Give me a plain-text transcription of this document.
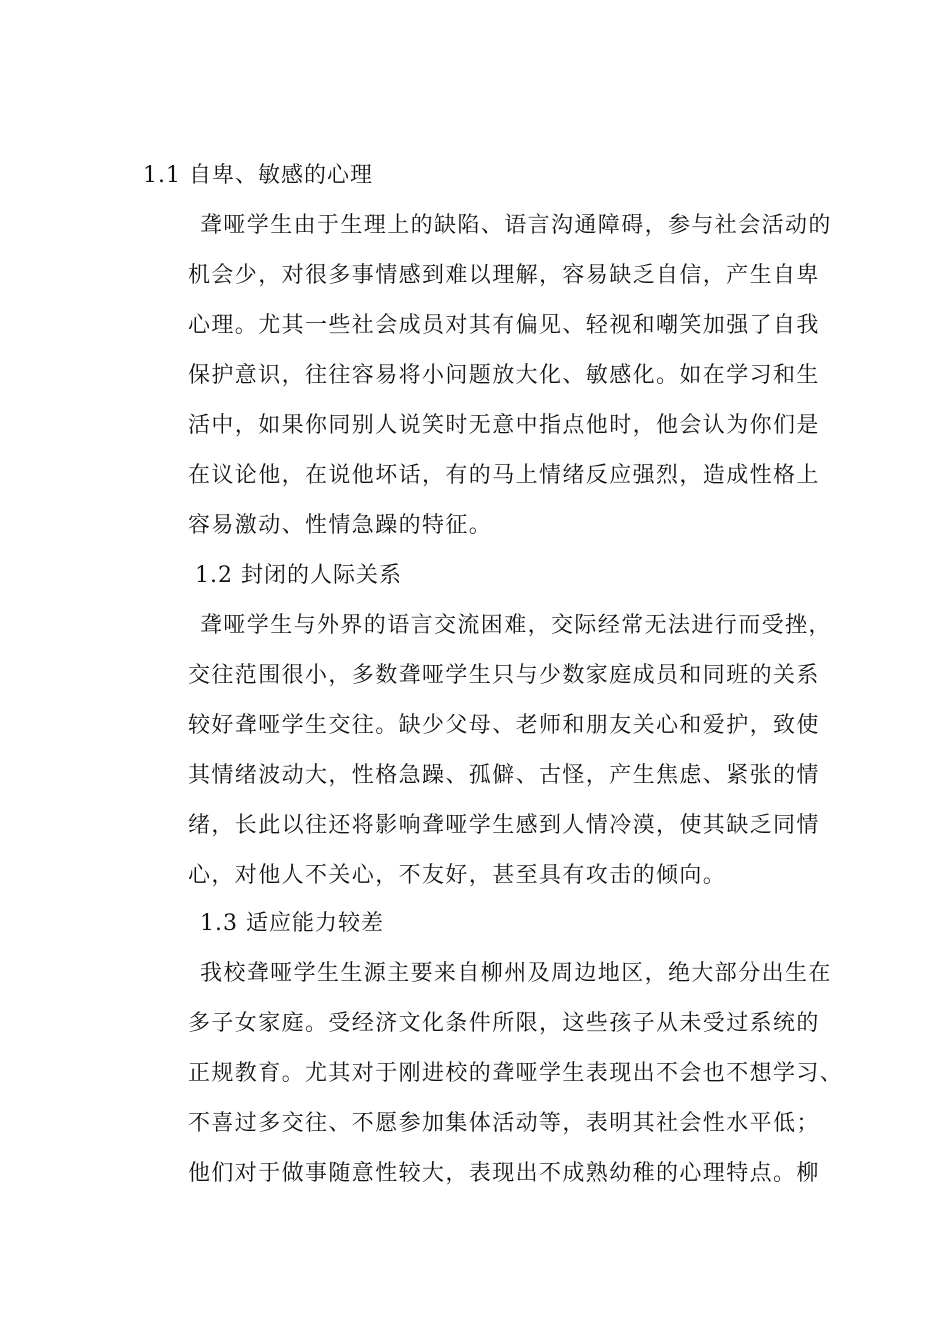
1.1 自卑、敏感的心理
聋哑学生由于生理上的缺陷、语言沟通障碍，参与社会活动的
机会少，对很多事情感到难以理解，容易缺乏自信，产生自卑
心理。尤其一些社会成员对其有偏见、轻视和嘲笑加强了自我
保护意识，往往容易将小问题放大化、敏感化。如在学习和生
活中，如果你同别人说笑时无意中指点他时，他会认为你们是
在议论他，在说他坏话，有的马上情绪反应强烈，造成性格上
容易激动、性情急躁的特征。
1.2 封闭的人际关系
聋哑学生与外界的语言交流困难，交际经常无法进行而受挫，
交往范围很小，多数聋哑学生只与少数家庭成员和同班的关系
较好聋哑学生交往。缺少父母、老师和朋友关心和爱护，致使
其情绪波动大，性格急躁、孤僻、古怪，产生焦虑、紧张的情
绪，长此以往还将影响聋哑学生感到人情冷漠，使其缺乏同情
心，对他人不关心，不友好，甚至具有攻击的倾向。
1.3 适应能力较差
我校聋哑学生生源主要来自柳州及周边地区，绝大部分出生在
多子女家庭。受经济文化条件所限，这些孩子从未受过系统的
正规教育。尤其对于刚进校的聋哑学生表现出不会也不想学习、
不喜过多交往、不愿参加集体活动等，表明其社会性水平低；
他们对于做事随意性较大，表现出不成熟幼稚的心理特点。柳
